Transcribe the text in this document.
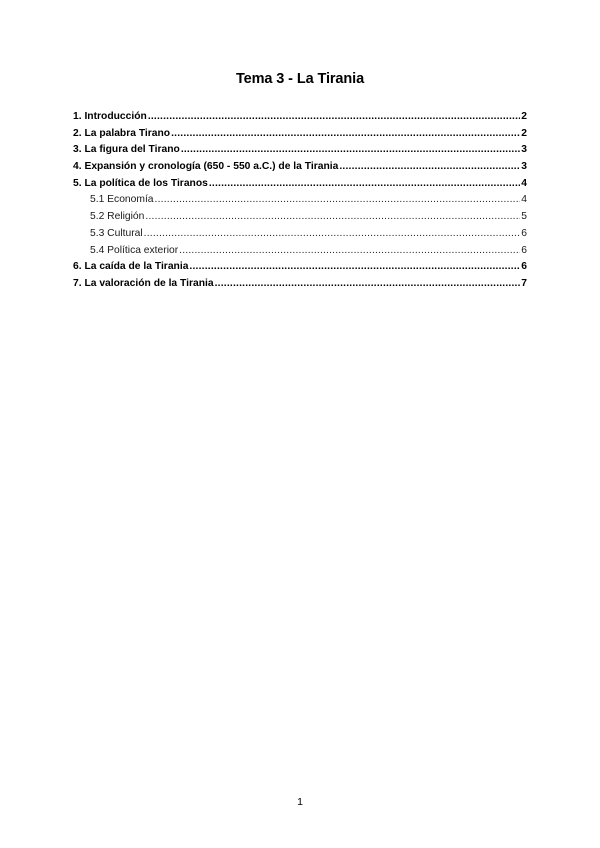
Tema 3 - La Tirania
1. Introducción .....	2
2. La palabra Tirano .....	2
3. La figura del Tirano .....	3
4. Expansión y cronología (650 - 550 a.C.) de la Tirania .....	3
5. La política de los Tiranos .....	4
5.1 Economía .....	4
5.2 Religión .....	5
5.3 Cultural .....	6
5.4 Política exterior .....	6
6. La caída de la Tirania .....	6
7. La valoración de la Tirania .....	7
1
